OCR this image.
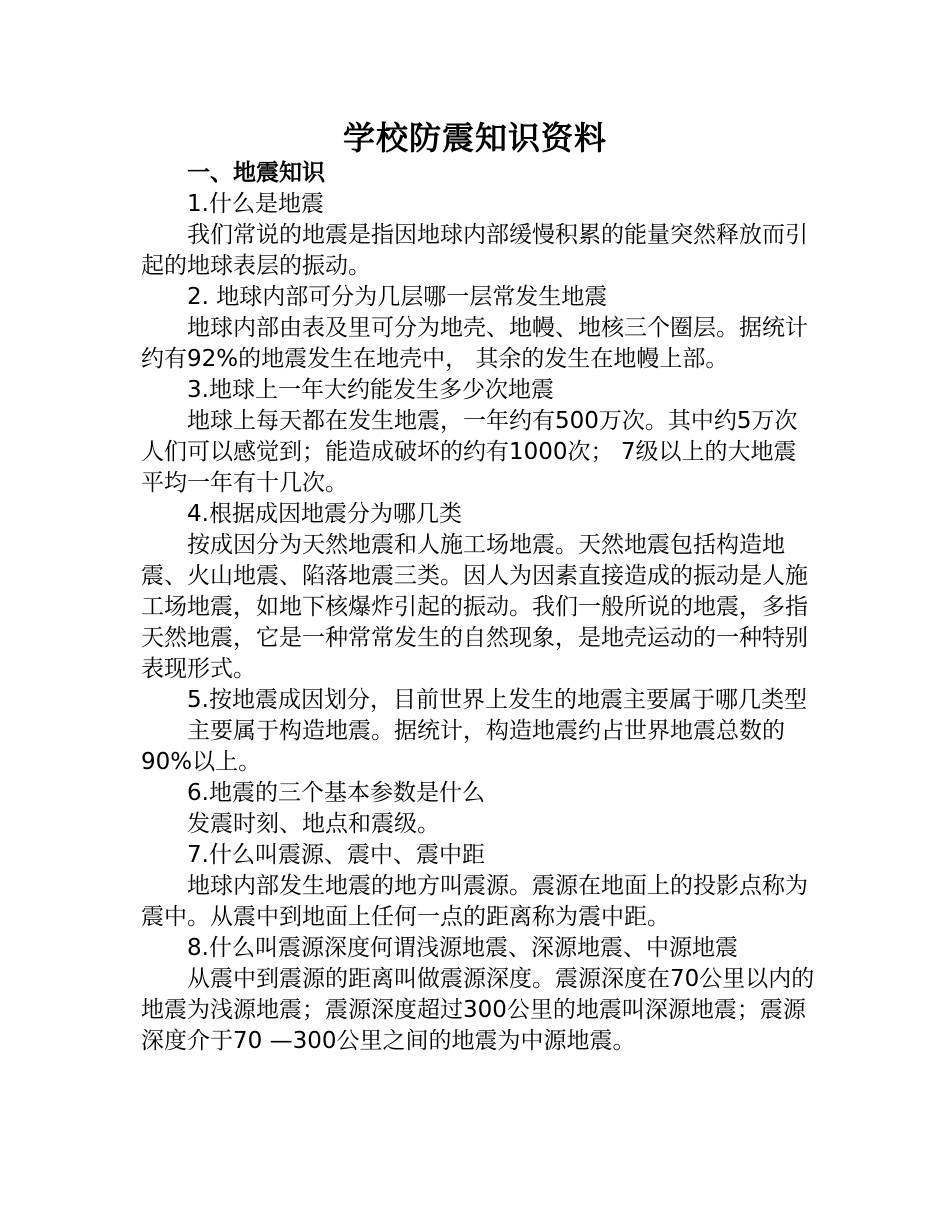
学校防震知识资料

一、地震知识

1.什么是地震

我们常说的地震是指因地球内部缓慢积累的能量突然释放而引起的地球表层的振动。

2. 地球内部可分为几层哪一层常发生地震

地球内部由表及里可分为地壳、地幔、地核三个圈层。据统计约有92%的地震发生在地壳中， 其余的发生在地幔上部。

3.地球上一年大约能发生多少次地震

地球上每天都在发生地震，一年约有500万次。其中约5万次人们可以感觉到；能造成破坏的约有1000次； 7级以上的大地震平均一年有十几次。

4.根据成因地震分为哪几类

按成因分为天然地震和人施工场地震。天然地震包括构造地震、火山地震、陷落地震三类。因人为因素直接造成的振动是人施工场地震，如地下核爆炸引起的振动。我们一般所说的地震，多指天然地震，它是一种常常发生的自然现象，是地壳运动的一种特别表现形式。

5.按地震成因划分，目前世界上发生的地震主要属于哪几类型

主要属于构造地震。据统计，构造地震约占世界地震总数的90%以上。

6.地震的三个基本参数是什么

发震时刻、地点和震级。

7.什么叫震源、震中、震中距

地球内部发生地震的地方叫震源。震源在地面上的投影点称为震中。从震中到地面上任何一点的距离称为震中距。

8.什么叫震源深度何谓浅源地震、深源地震、中源地震

从震中到震源的距离叫做震源深度。震源深度在70公里以内的地震为浅源地震；震源深度超过300公里的地震叫深源地震；震源深度介于70 —300公里之间的地震为中源地震。
